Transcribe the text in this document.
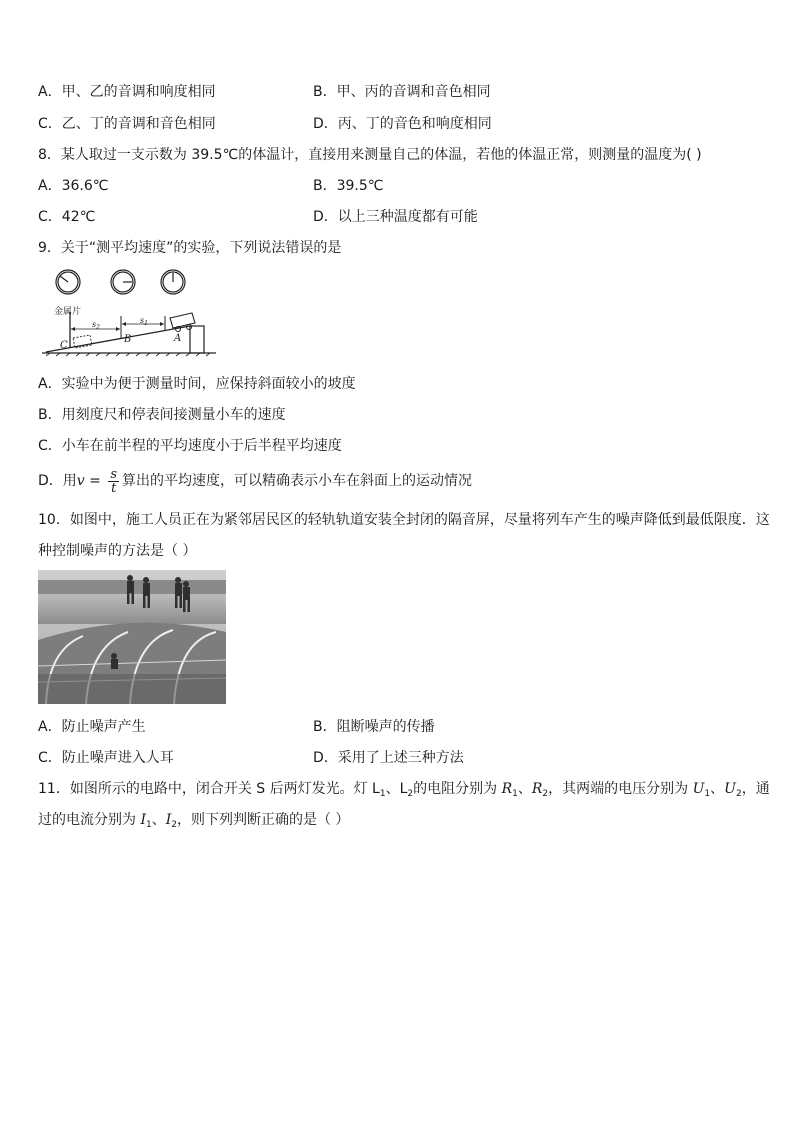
A．甲、乙的音调和响度相同	B．甲、丙的音调和音色相同
C．乙、丁的音调和音色相同	D．丙、丁的音色和响度相同
8．某人取过一支示数为 39.5℃的体温计，直接用来测量自己的体温，若他的体温正常，则测量的温度为( )
A．36.6℃	B．39.5℃
C．42℃	D．以上三种温度都有可能
9．关于“测平均速度”的实验，下列说法错误的是
金属片
$s_2$
$s_1$
C
B	A
A．实验中为便于测量时间，应保持斜面较小的坡度
B．用刻度尺和停表间接测量小车的速度
C．小车在前半程的平均速度小于后半程平均速度
D．用$v = \frac{s}{t}$ 算出的平均速度，可以精确表示小车在斜面上的运动情况
10．如图中，施工人员正在为紧邻居民区的轻轨轨道安装全封闭的隔音屏，尽量将列车产生的噪声降低到最低限度．这
种控制噪声的方法是（ ）
A．防止噪声产生	B．阻断噪声的传播
C．防止噪声进入人耳	D．采用了上述三种方法
11．如图所示的电路中，闭合开关 S 后两灯发光。灯 $L_1$、$L_2$的电阻分别为 $R_1$、$R_2$，其两端的电压分别为 $U_1$、$U_2$，通
过的电流分别为 $I_1$、$I_2$，则下列判断正确的是（ ）
